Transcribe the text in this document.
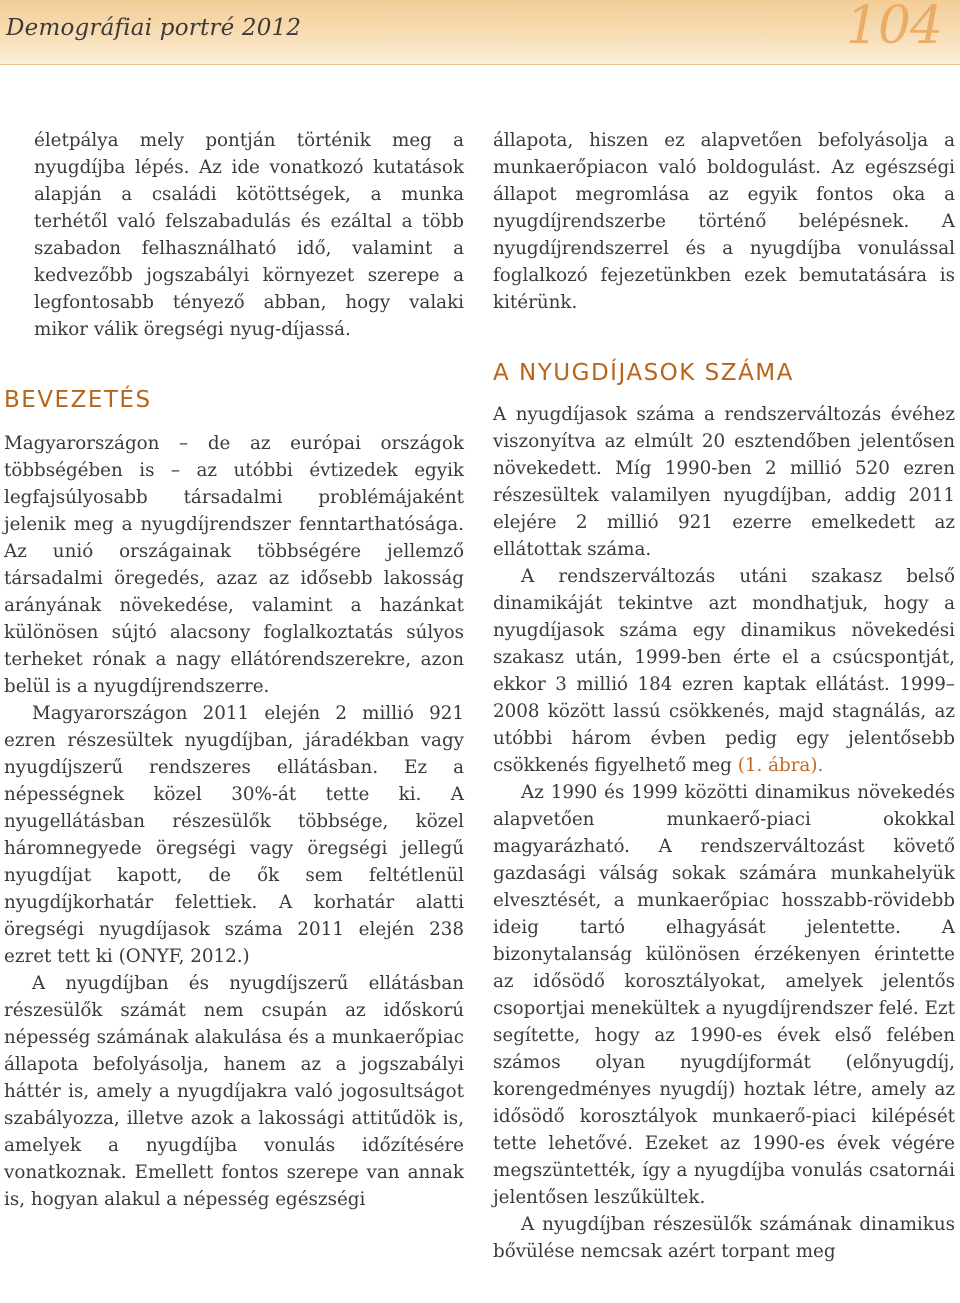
Demográfiai portré 2012	104

életpálya mely pontján történik meg a nyugdíjba lépés. Az ide vonatkozó kutatások alapján a családi kötöttségek, a munka terhétől való felszabadulás és ezáltal a több szabadon felhasználható idő, valamint a kedvezőbb jogszabályi környezet szerepe a legfontosabb tényező abban, hogy valaki mikor válik öregségi nyug-díjassá.

BEVEZETÉS

Magyarországon – de az európai országok többségében is – az utóbbi évtizedek egyik legfajsúlyosabb társadalmi problémájaként jelenik meg a nyugdíjrendszer fenntarthatósága. Az unió országainak többségére jellemző társadalmi öregedés, azaz az idősebb lakosság arányának növekedése, valamint a hazánkat különösen sújtó alacsony foglalkoztatás súlyos terheket rónak a nagy ellátórendszerekre, azon belül is a nyugdíjrendszerre.

Magyarországon 2011 elején 2 millió 921 ezren részesültek nyugdíjban, járadékban vagy nyugdíjszerű rendszeres ellátásban. Ez a népességnek közel 30%-át tette ki. A nyugellátásban részesülők többsége, közel háromnegyede öregségi vagy öregségi jellegű nyugdíjat kapott, de ők sem feltétlenül nyugdíjkorhatár felettiek. A korhatár alatti öregségi nyugdíjasok száma 2011 elején 238 ezret tett ki (ONYF, 2012.)

A nyugdíjban és nyugdíjszerű ellátásban részesülők számát nem csupán az időskorú népesség számának alakulása és a munkaerőpiac állapota befolyásolja, hanem az a jogszabályi háttér is, amely a nyugdíjakra való jogosultságot szabályozza, illetve azok a lakossági attitűdök is, amelyek a nyugdíjba vonulás időzítésére vonatkoznak. Emellett fontos szerepe van annak is, hogyan alakul a népesség egészségi

állapota, hiszen ez alapvetően befolyásolja a munkaerőpiacon való boldogulást. Az egészségi állapot megromlása az egyik fontos oka a nyugdíjrendszerbe történő belépésnek. A nyugdíjrendszerrel és a nyugdíjba vonulással foglalkozó fejezetünkben ezek bemutatására is kitérünk.

A NYUGDÍJASOK SZÁMA

A nyugdíjasok száma a rendszerváltozás évéhez viszonyítva az elmúlt 20 esztendőben jelentősen növekedett. Míg 1990-ben 2 millió 520 ezren részesültek valamilyen nyugdíjban, addig 2011 elejére 2 millió 921 ezerre emelkedett az ellátottak száma.

A rendszerváltozás utáni szakasz belső dinamikáját tekintve azt mondhatjuk, hogy a nyugdíjasok száma egy dinamikus növekedési szakasz után, 1999-ben érte el a csúcspontját, ekkor 3 millió 184 ezren kaptak ellátást. 1999–2008 között lassú csökkenés, majd stagnálás, az utóbbi három évben pedig egy jelentősebb csökkenés figyelhető meg (1. ábra).

Az 1990 és 1999 közötti dinamikus növekedés alapvetően munkaerő-piaci okokkal magyarázható. A rendszerváltozást követő gazdasági válság sokak számára munkahelyük elvesztését, a munkaerőpiac hosszabb-rövidebb ideig tartó elhagyását jelentette. A bizonytalanság különösen érzékenyen érintette az idősödő korosztályokat, amelyek jelentős csoportjai menekültek a nyugdíjrendszer felé. Ezt segítette, hogy az 1990-es évek első felében számos olyan nyugdíjformát (előnyugdíj, korengedményes nyugdíj) hoztak létre, amely az idősödő korosztályok munkaerő-piaci kilépését tette lehetővé. Ezeket az 1990-es évek végére megszüntették, így a nyugdíjba vonulás csatornái jelentősen leszűkültek.

A nyugdíjban részesülők számának dinamikus bővülése nemcsak azért torpant meg
